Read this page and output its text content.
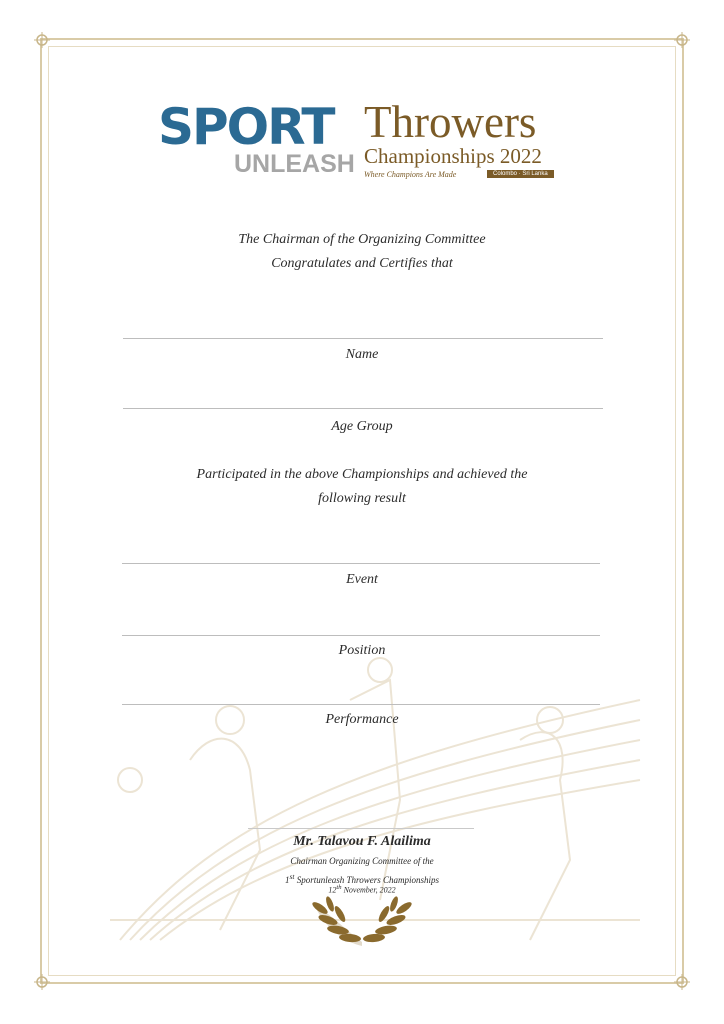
SPORT
UNLEASH
Throwers
Championships 2022
Where Champions Are Made	Colombo · Sri Lanka
The Chairman of the Organizing Committee
Congratulates and Certifies that
Name
Age Group
Participated in the above Championships and achieved the
following result
Event
Position
Performance
Mr. Talavou F. Alailima
Chairman Organizing Committee of the
1st Sportunleash Throwers Championships
12th November, 2022
